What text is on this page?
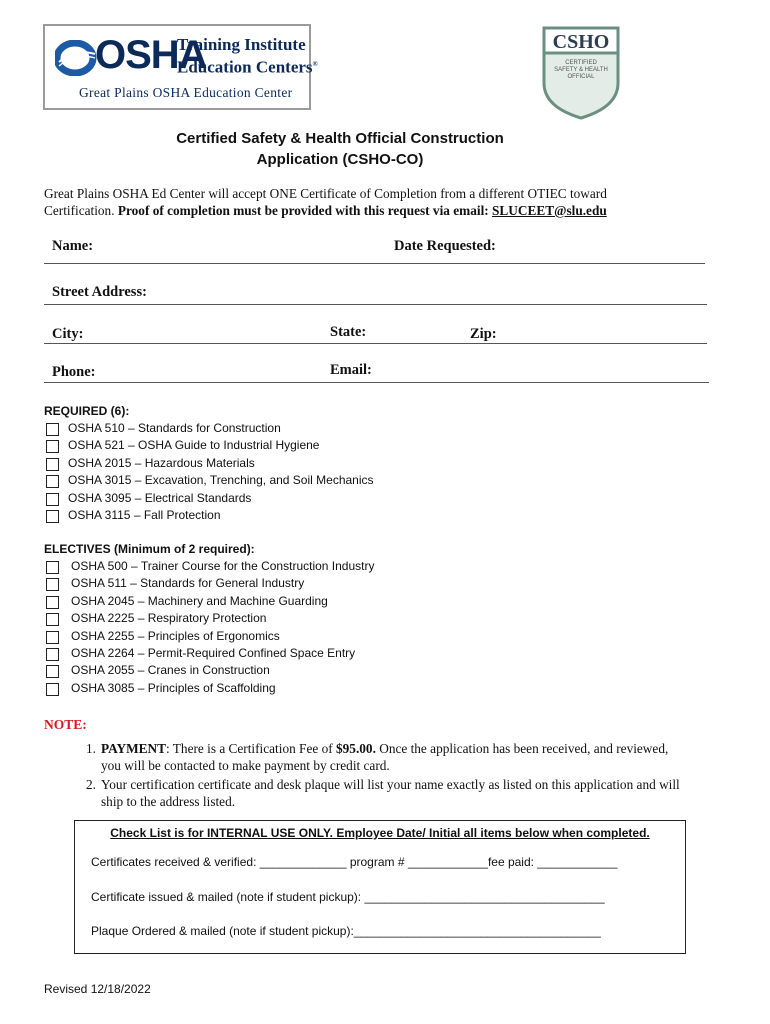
OSHA
Training Institute
Education Centers®
Great Plains OSHA Education Center
CSHO
CERTIFIED
SAFETY & HEALTH
OFFICIAL
Certified Safety & Health Official Construction
Application (CSHO-CO)
Great Plains OSHA Ed Center will accept ONE Certificate of Completion from a different OTIEC toward Certification. Proof of completion must be provided with this request via email: SLUCEET@slu.edu
Name:	Date Requested:
Street Address:
City:	State:	Zip:
Phone:	Email:
REQUIRED (6):
OSHA 510 – Standards for Construction
OSHA 521 – OSHA Guide to Industrial Hygiene
OSHA 2015 – Hazardous Materials
OSHA 3015 – Excavation, Trenching, and Soil Mechanics
OSHA 3095 – Electrical Standards
OSHA 3115 – Fall Protection
ELECTIVES (Minimum of 2 required):
OSHA 500 – Trainer Course for the Construction Industry
OSHA 511 – Standards for General Industry
OSHA 2045 – Machinery and Machine Guarding
OSHA 2225 – Respiratory Protection
OSHA 2255 – Principles of Ergonomics
OSHA 2264 – Permit-Required Confined Space Entry
OSHA 2055 – Cranes in Construction
OSHA 3085 – Principles of Scaffolding
NOTE:
1. PAYMENT: There is a Certification Fee of $95.00. Once the application has been received, and reviewed, you will be contacted to make payment by credit card.
2. Your certification certificate and desk plaque will list your name exactly as listed on this application and will ship to the address listed.
Check List is for INTERNAL USE ONLY. Employee Date/ Initial all items below when completed.
Certificates received & verified: _____________ program # ____________fee paid: ____________
Certificate issued & mailed (note if student pickup): ____________________________________
Plaque Ordered & mailed (note if student pickup):_____________________________________
Revised 12/18/2022
